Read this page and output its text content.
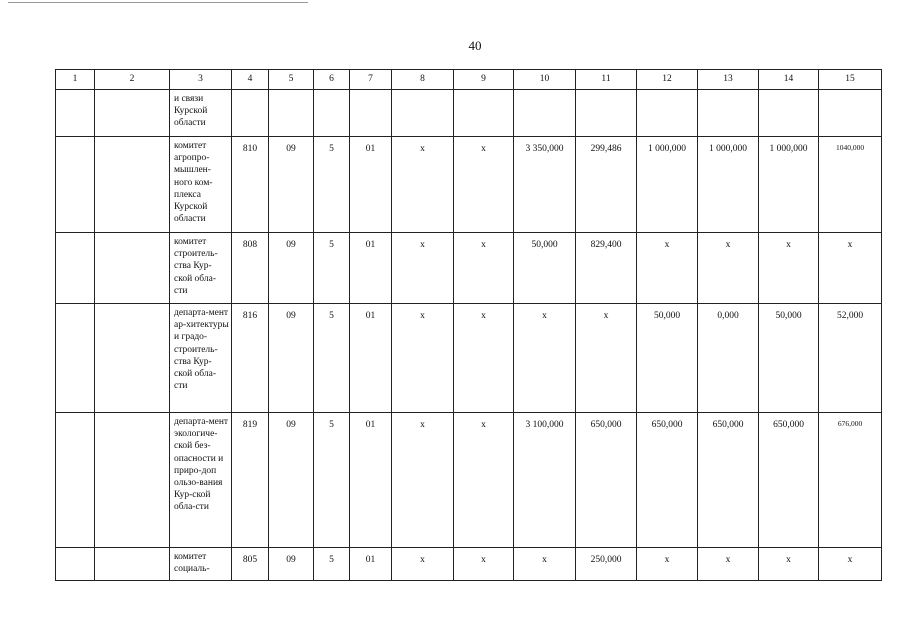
40
1	2	3	4	5	6	7	8	9	10	11	12	13	14	15
		и связи Курской области												
		комитет агропро-мышлен-ного ком-плекса Курской области	810	09	5	01	х	х	3 350,000	299,486	1 000,000	1 000,000	1 000,000	1040,000
		комитет строитель-ства Кур-ской обла-сти	808	09	5	01	х	х	50,000	829,400	х	х	х	х
		департа-мент ар-хитектуры и градо-строитель-ства Кур-ской обла-сти	816	09	5	01	х	х	х	х	50,000	0,000	50,000	52,000
		департа-мент экологиче-ской без-опасности и приро-доп ользо-вания Кур-ской обла-сти	819	09	5	01	х	х	3 100,000	650,000	650,000	650,000	650,000	676,000
		комитет социаль-	805	09	5	01	х	х	х	250,000	х	х	х	х
